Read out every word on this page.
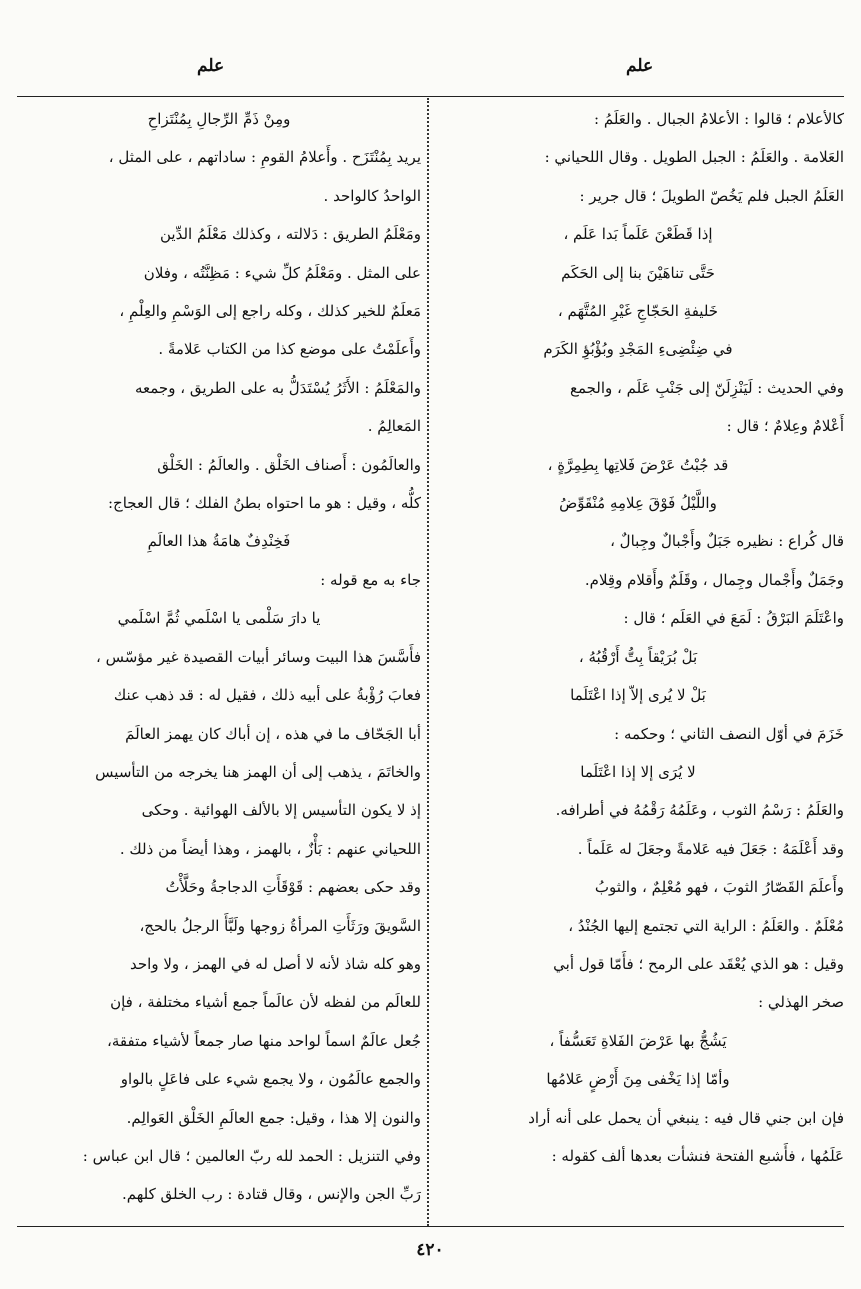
علم
علم

كالأعلام ؛ قالوا : الأعلامُ الجبال . والعَلَمُ :

العَلامة . والعَلَمُ : الجبل الطويل . وقال اللحياني :

العَلَمُ الجبل فلم يَخُصّ الطويلَ ؛ قال جرير :

إذا قَطَعْنَ عَلَماً بَدا عَلَم ،

حَتَّى تناهَيْنَ بنا إلى الحَكَم

خَليفةِ الحَجّاجِ غَيْرِ المُتَّهَم ،

في ضِئْضِىءِ المَجْدِ وبُؤْبُؤِ الكَرَم

وفي الحديث : لَيَنْزِلَنّ إلى جَنْبِ عَلَم ، والجمع

أَعْلامٌ وعِلامٌ ؛ قال :

قد جُبْتُ عَرْضَ فَلاتِها بِطِمِرَّةٍ ،

واللَّيْلُ فَوْقَ عِلامِهِ مُنْقَوِّضُ

قال كُراع : نظيره جَبَلٌ وأَجْبالٌ وجِبالٌ ،

وجَمَلٌ وأَجْمال وجِمال ، وقَلَمٌ وأَقلام وقِلام.

واعْتَلَمَ البَرْقُ : لَمَعَ في العَلَم ؛ قال :

بَلْ بُرَيْقاً بِتُّ أَرْقُبُهُ ،

بَلْ لا يُرى إلاّ إذا اعْتَلَما

خَزَمَ في أوّل النصف الثاني ؛ وحكمه :

لا يُرَى إلا إذا اعْتَلَما

والعَلَمُ : رَسْمُ الثوب ، وعَلَمُهُ رَقْمُهُ في أطرافه.

وقد أَعْلَمَهُ : جَعَلَ فيه عَلامةً وجعَلَ له عَلَماً .

وأَعلَمَ القَصّارُ الثوبَ ، فهو مُعْلِمٌ ، والثوبُ

مُعْلَمٌ . والعَلَمُ : الراية التي تجتمع إليها الجُنْدُ ،

وقيل : هو الذي يُعْقَد على الرمح ؛ فأَمّا قول أبي

صخر الهذلي :

يَشُجُّ بها عَرْضَ الفَلاةِ تَعَسُّفاً ،

وأمّا إذا يَخْفى مِنَ أَرْضٍ عَلامُها

فإن ابن جني قال فيه : ينبغي أن يحمل على أنه أراد

عَلَمُها ، فأَشبع الفتحة فنشأت بعدها ألف كقوله :

ومِنْ ذَمِّ الرِّجالِ بِمُنْتَزاحِ

يريد بِمُنْتَزَح . وأَعلامُ القومِ : ساداتهم ، على المثل ،

الواحدُ كالواحد .

ومَعْلَمُ الطريق : دَلالته ، وكذلك مَعْلَمُ الدِّين

على المثل . ومَعْلَمُ كلِّ شيء : مَظِنَّتُه ، وفلان

مَعلَمٌ للخير كذلك ، وكله راجع إلى الوَسْمِ والعِلْمِ ،

وأَعلَمْتُ على موضع كذا من الكتاب عَلامةً .

والمَعْلَمُ : الأَثَرُ يُسْتَدَلُّ به على الطريق ، وجمعه

المَعالِمُ .

والعالَمُون : أَصناف الخَلْق . والعالَمُ : الخَلْق

كلُّه ، وقيل : هو ما احتواه بطنُ الفلك ؛ قال العجاج:

فَخِنْدِفٌ هامَةُ هذا العالَمِ

جاء به مع قوله :

يا دارَ سَلْمى يا اسْلَمي ثُمَّ اسْلَمي

فأَسَّسَ هذا البيت وسائر أبيات القصيدة غير مؤسّس ،

فعابَ رُؤْبةُ على أبيه ذلك ، فقيل له : قد ذهب عنك

أبا الجَحّاف ما في هذه ، إن أباك كان يهمز العالَمَ

والخاتَمَ ، يذهب إلى أن الهمز هنا يخرجه من التأسيس

إذ لا يكون التأسيس إلا بالألف الهوائية . وحكى

اللحياني عنهم : بَأْزٌ ، بالهمز ، وهذا أيضاً من ذلك .

وقد حكى بعضهم : قَوْقَأَتِ الدجاجةُ وحَلَّأْتُ

السَّويقَ ورَثَأَتِ المرأةُ زوجها ولَبَّأَ الرجلُ بالحج،

وهو كله شاذ لأنه لا أصل له في الهمز ، ولا واحد

للعالَم من لفظه لأن عالَماً جمع أشياء مختلفة ، فإن

جُعل عالَمٌ اسماً لواحد منها صار جمعاً لأشياء متفقة،

والجمع عالَمُون ، ولا يجمع شيء على فاعَلٍ بالواو

والنون إلا هذا ، وقيل: جمع العالَمِ الخَلْق العَوالِم.

وفي التنزيل : الحمد لله ربّ العالمين ؛ قال ابن عباس :

رَبِّ الجن والإنس ، وقال قتادة : رب الخلق كلهم.

٤٢٠
